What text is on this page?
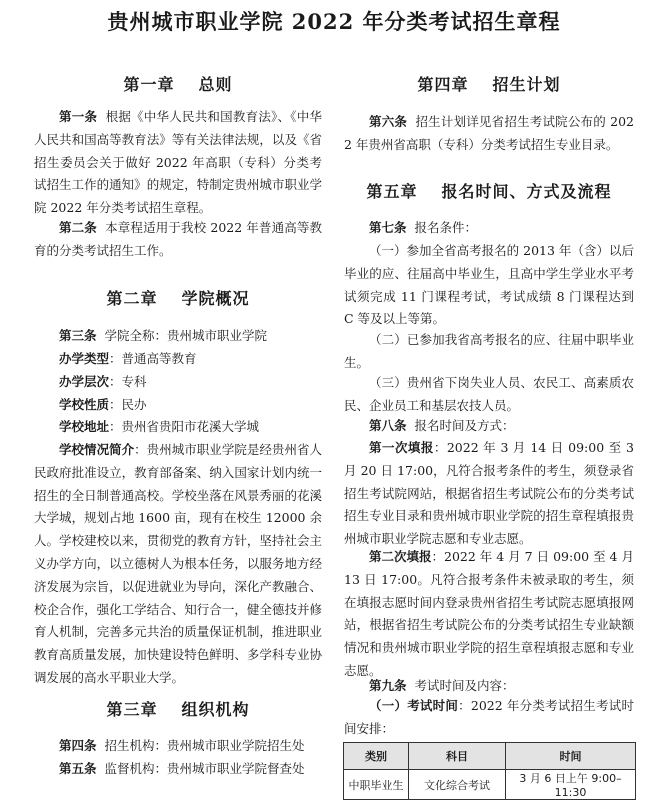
贵州城市职业学院 2022 年分类考试招生章程
第一章 总则
第一条 根据《中华人民共和国教育法》、《中华人民共和国高等教育法》等有关法律法规，以及《省招生委员会关于做好 2022 年高职（专科）分类考试招生工作的通知》的规定，特制定贵州城市职业学院 2022 年分类考试招生章程。
第二条 本章程适用于我校 2022 年普通高等教育的分类考试招生工作。
第二章 学院概况
第三条 学院全称：贵州城市职业学院
办学类型：普通高等教育
办学层次：专科
学校性质：民办
学校地址：贵州省贵阳市花溪大学城
学校情况简介：贵州城市职业学院是经贵州省人民政府批准设立，教育部备案、纳入国家计划内统一招生的全日制普通高校。学校坐落在风景秀丽的花溪大学城，规划占地 1600 亩，现有在校生 12000 余人。学校建校以来，贯彻党的教育方针，坚持社会主义办学方向，以立德树人为根本任务，以服务地方经济发展为宗旨，以促进就业为导向，深化产教融合、校企合作，强化工学结合、知行合一，健全德技并修育人机制，完善多元共治的质量保证机制，推进职业教育高质量发展，加快建设特色鲜明、多学科专业协调发展的高水平职业大学。
第三章 组织机构
第四条 招生机构：贵州城市职业学院招生处
第五条 监督机构：贵州城市职业学院督查处
第四章 招生计划
第六条 招生计划详见省招生考试院公布的 2022 年贵州省高职（专科）分类考试招生专业目录。
第五章 报名时间、方式及流程
第七条 报名条件：
（一）参加全省高考报名的 2013 年（含）以后毕业的应、往届高中毕业生，且高中学生学业水平考试须完成 11 门课程考试，考试成绩 8 门课程达到 C 等及以上等第。
（二）已参加我省高考报名的应、往届中职毕业生。
（三）贵州省下岗失业人员、农民工、高素质农民、企业员工和基层农技人员。
第八条 报名时间及方式：
第一次填报：2022 年 3 月 14 日 09:00 至 3 月 20 日 17:00，凡符合报考条件的考生，须登录省招生考试院网站，根据省招生考试院公布的分类考试招生专业目录和贵州城市职业学院的招生章程填报贵州城市职业学院志愿和专业志愿。
第二次填报：2022 年 4 月 7 日 09:00 至 4 月 13 日 17:00。凡符合报考条件未被录取的考生，须在填报志愿时间内登录贵州省招生考试院志愿填报网站，根据省招生考试院公布的分类考试招生专业缺额情况和贵州城市职业学院的招生章程填报志愿和专业志愿。
第九条 考试时间及内容：
（一）考试时间：2022 年分类考试招生考试时间安排：
类别	科目	时间
中职毕业生	文化综合考试	3 月 6 日上午 9:00–11:30
